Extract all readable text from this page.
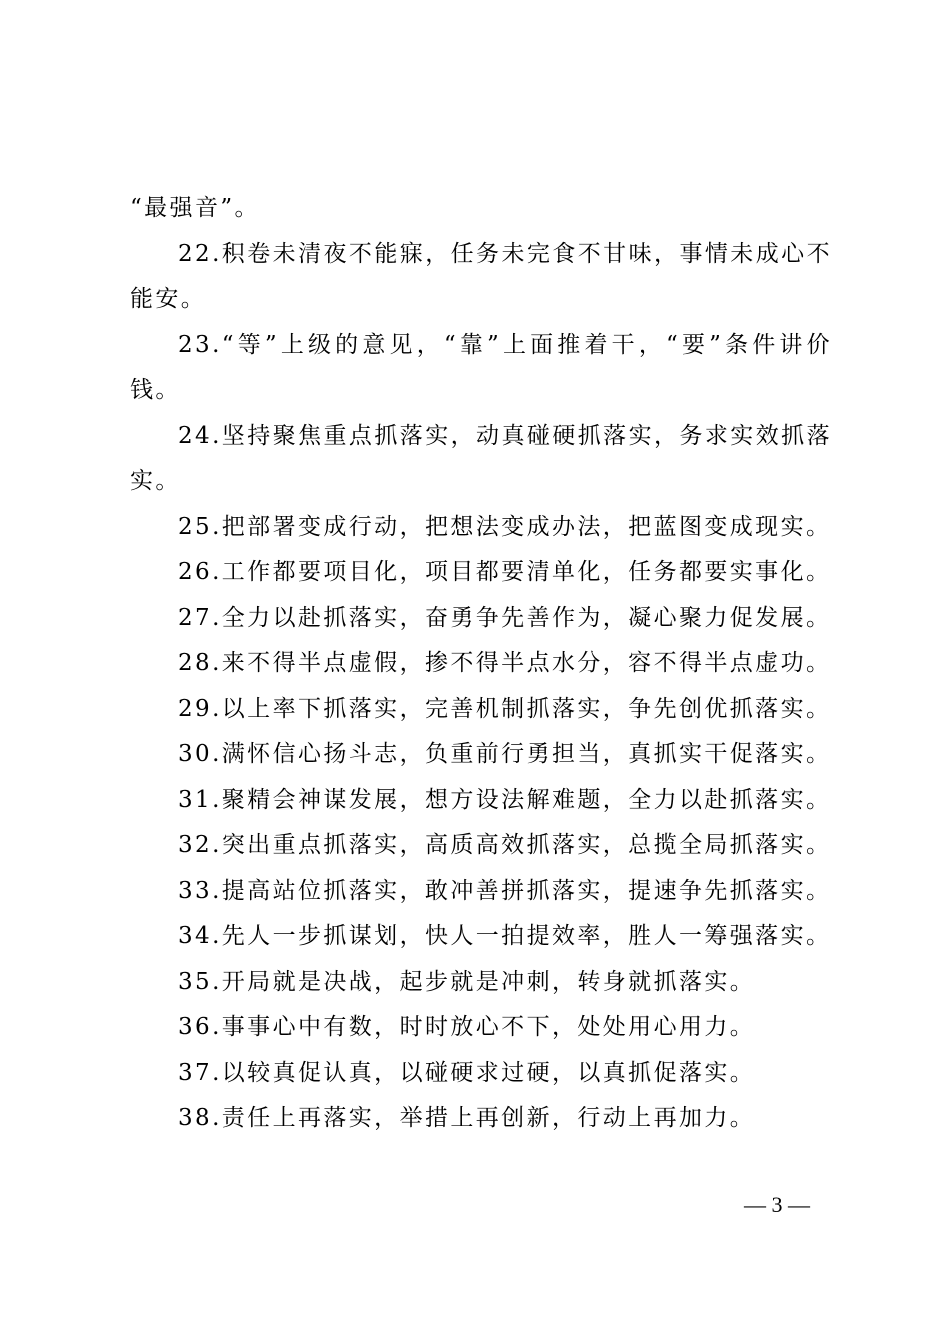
“最强音”。

22.积卷未清夜不能寐，任务未完食不甘味，事情未成心不能安。

23.“等”上级的意见，“靠”上面推着干，“要”条件讲价钱。

24.坚持聚焦重点抓落实，动真碰硬抓落实，务求实效抓落实。

25.把部署变成行动，把想法变成办法，把蓝图变成现实。

26.工作都要项目化，项目都要清单化，任务都要实事化。

27.全力以赴抓落实，奋勇争先善作为，凝心聚力促发展。

28.来不得半点虚假，掺不得半点水分，容不得半点虚功。

29.以上率下抓落实，完善机制抓落实，争先创优抓落实。

30.满怀信心扬斗志，负重前行勇担当，真抓实干促落实。

31.聚精会神谋发展，想方设法解难题，全力以赴抓落实。

32.突出重点抓落实，高质高效抓落实，总揽全局抓落实。

33.提高站位抓落实，敢冲善拼抓落实，提速争先抓落实。

34.先人一步抓谋划，快人一拍提效率，胜人一筹强落实。

35.开局就是决战，起步就是冲刺，转身就抓落实。

36.事事心中有数，时时放心不下，处处用心用力。

37.以较真促认真，以碰硬求过硬，以真抓促落实。

38.责任上再落实，举措上再创新，行动上再加力。

— 3 —
